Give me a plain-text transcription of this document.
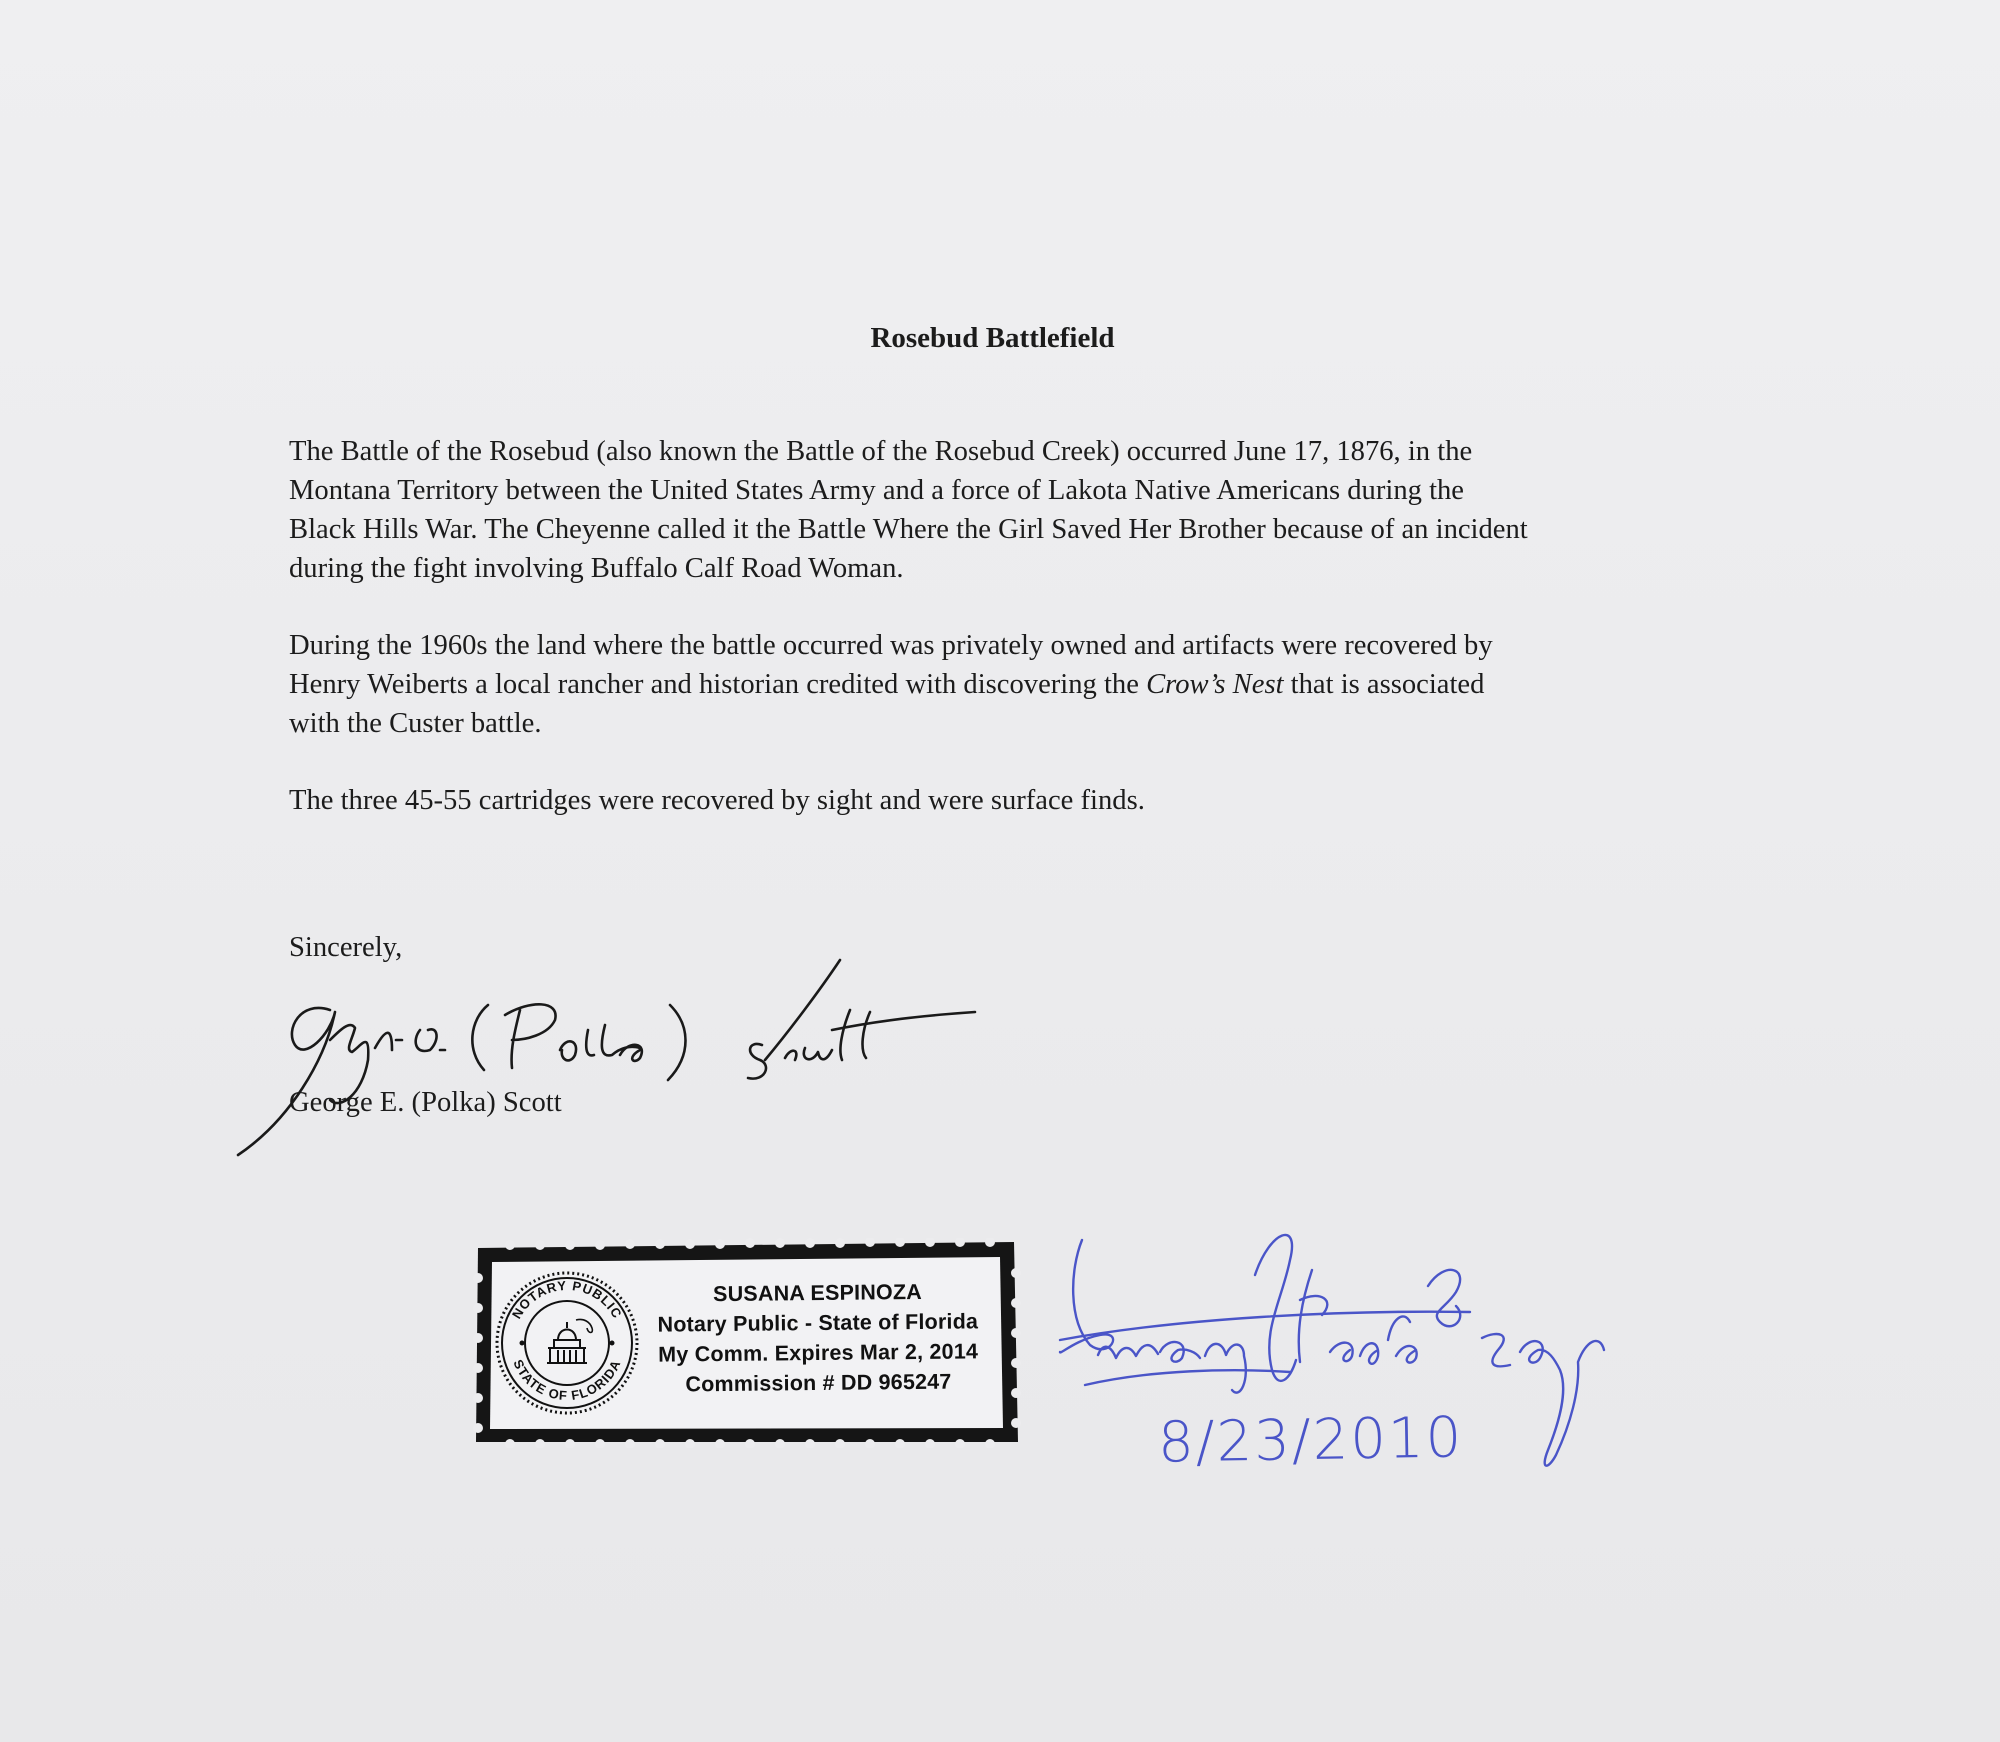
Rosebud Battlefield

The Battle of the Rosebud (also known the Battle of the Rosebud Creek) occurred June 17, 1876, in the
Montana Territory between the United States Army and a force of Lakota Native Americans during the
Black Hills War. The Cheyenne called it the Battle Where the Girl Saved Her Brother because of an incident
during the fight involving Buffalo Calf Road Woman.

During the 1960s the land where the battle occurred was privately owned and artifacts were recovered by
Henry Weiberts a local rancher and historian credited with discovering the Crow’s Nest that is associated
with the Custer battle.

The three 45-55 cartridges were recovered by sight and were surface finds.

Sincerely,
George E. (Polka) Scott
NOTARY PUBLIC
STATE OF FLORIDA
SUSANA ESPINOZA
Notary Public - State of Florida
My Comm. Expires Mar 2, 2014
Commission # DD 965247
8/23/2010
